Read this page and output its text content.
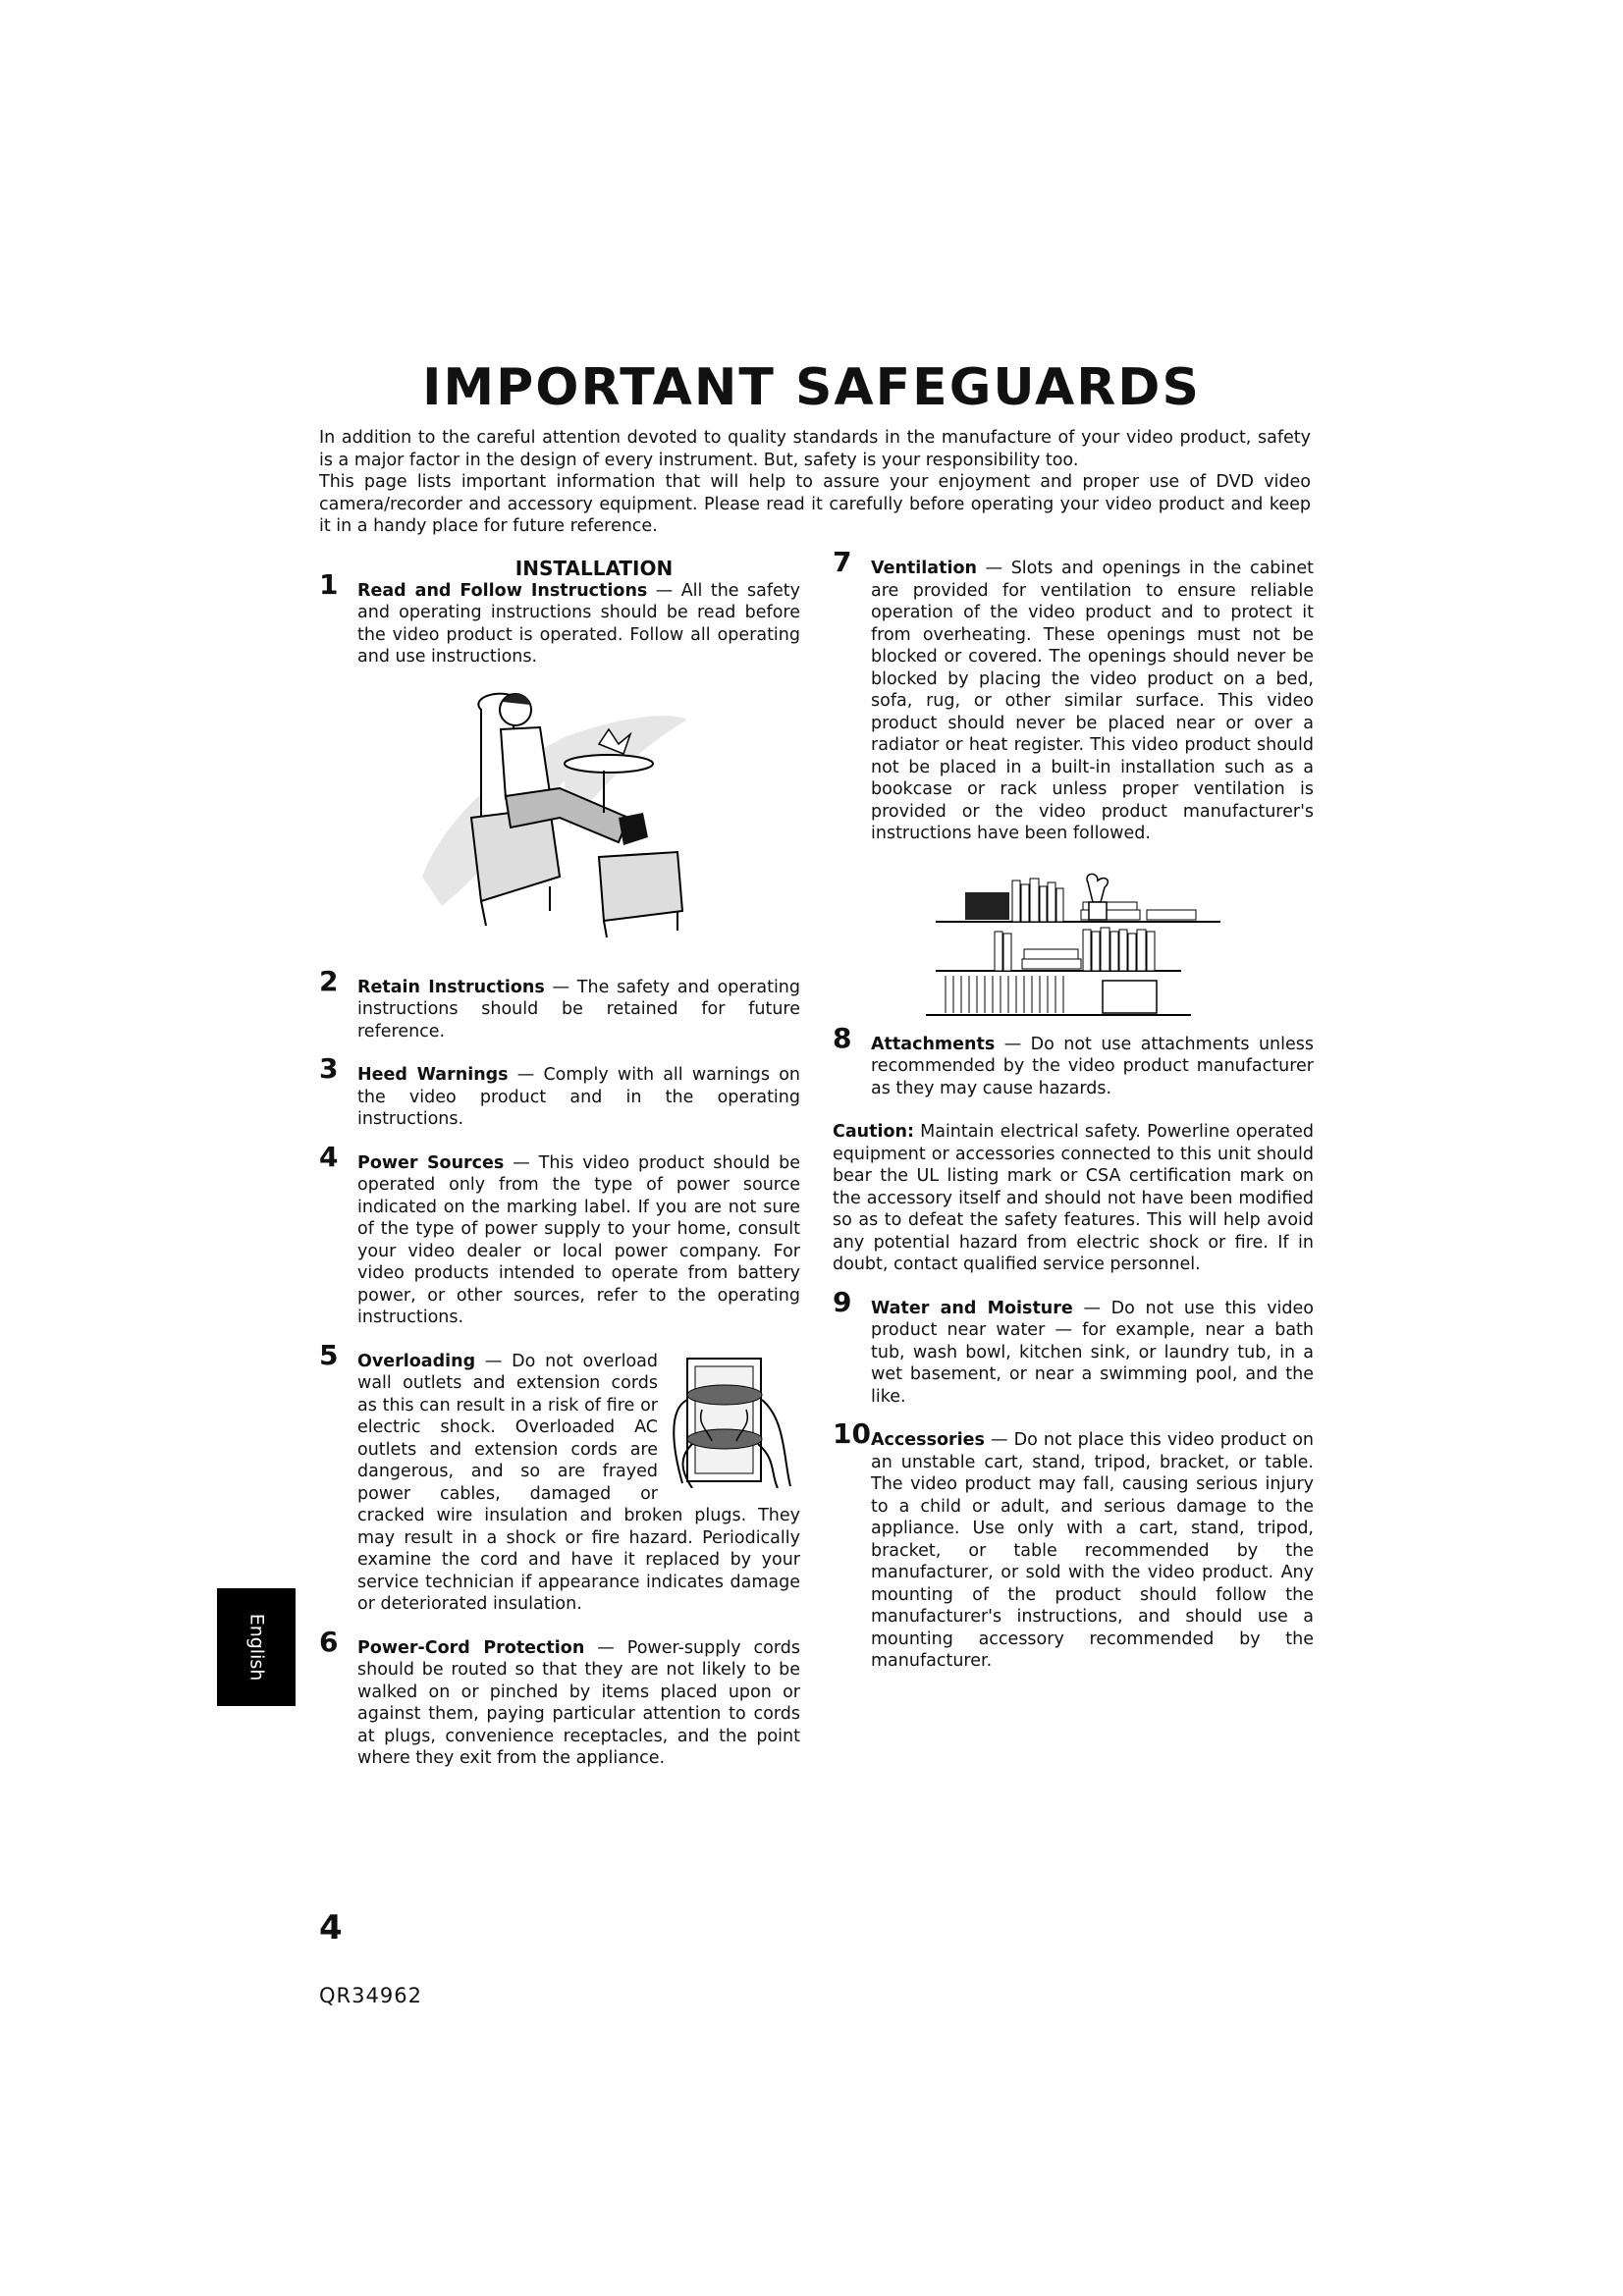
IMPORTANT SAFEGUARDS

In addition to the careful attention devoted to quality standards in the manufacture of your video product, safety is a major factor in the design of every instrument. But, safety is your responsibility too.

This page lists important information that will help to assure your enjoyment and proper use of DVD video camera/recorder and accessory equipment. Please read it carefully before operating your video product and keep it in a handy place for future reference.

INSTALLATION
1 Read and Follow Instructions — All the safety and operating instructions should be read before the video product is operated. Follow all operating and use instructions.

2 Retain Instructions — The safety and operating instructions should be retained for future reference.

3 Heed Warnings — Comply with all warnings on the video product and in the operating instructions.

4 Power Sources — This video product should be operated only from the type of power source indicated on the marking label. If you are not sure of the type of power supply to your home, consult your video dealer or local power company. For video products intended to operate from battery power, or other sources, refer to the operating instructions.

5 Overloading — Do not overload wall outlets and extension cords as this can result in a risk of fire or electric shock. Overloaded AC outlets and extension cords are dangerous, and so are frayed power cables, damaged or cracked wire insulation and broken plugs. They may result in a shock or fire hazard. Periodically examine the cord and have it replaced by your service technician if appearance indicates damage or deteriorated insulation.

6 Power-Cord Protection — Power-supply cords should be routed so that they are not likely to be walked on or pinched by items placed upon or against them, paying particular attention to cords at plugs, convenience receptacles, and the point where they exit from the appliance.

7 Ventilation — Slots and openings in the cabinet are provided for ventilation to ensure reliable operation of the video product and to protect it from overheating. These openings must not be blocked or covered. The openings should never be blocked by placing the video product on a bed, sofa, rug, or other similar surface. This video product should never be placed near or over a radiator or heat register. This video product should not be placed in a built-in installation such as a bookcase or rack unless proper ventilation is provided or the video product manufacturer's instructions have been followed.

8 Attachments — Do not use attachments unless recommended by the video product manufacturer as they may cause hazards.

Caution: Maintain electrical safety. Powerline operated equipment or accessories connected to this unit should bear the UL listing mark or CSA certification mark on the accessory itself and should not have been modified so as to defeat the safety features. This will help avoid any potential hazard from electric shock or fire. If in doubt, contact qualified service personnel.

9 Water and Moisture — Do not use this video product near water — for example, near a bath tub, wash bowl, kitchen sink, or laundry tub, in a wet basement, or near a swimming pool, and the like.

10 Accessories — Do not place this video product on an unstable cart, stand, tripod, bracket, or table. The video product may fall, causing serious injury to a child or adult, and serious damage to the appliance. Use only with a cart, stand, tripod, bracket, or table recommended by the manufacturer, or sold with the video product. Any mounting of the product should follow the manufacturer's instructions, and should use a mounting accessory recommended by the manufacturer.

English
4
QR34962
